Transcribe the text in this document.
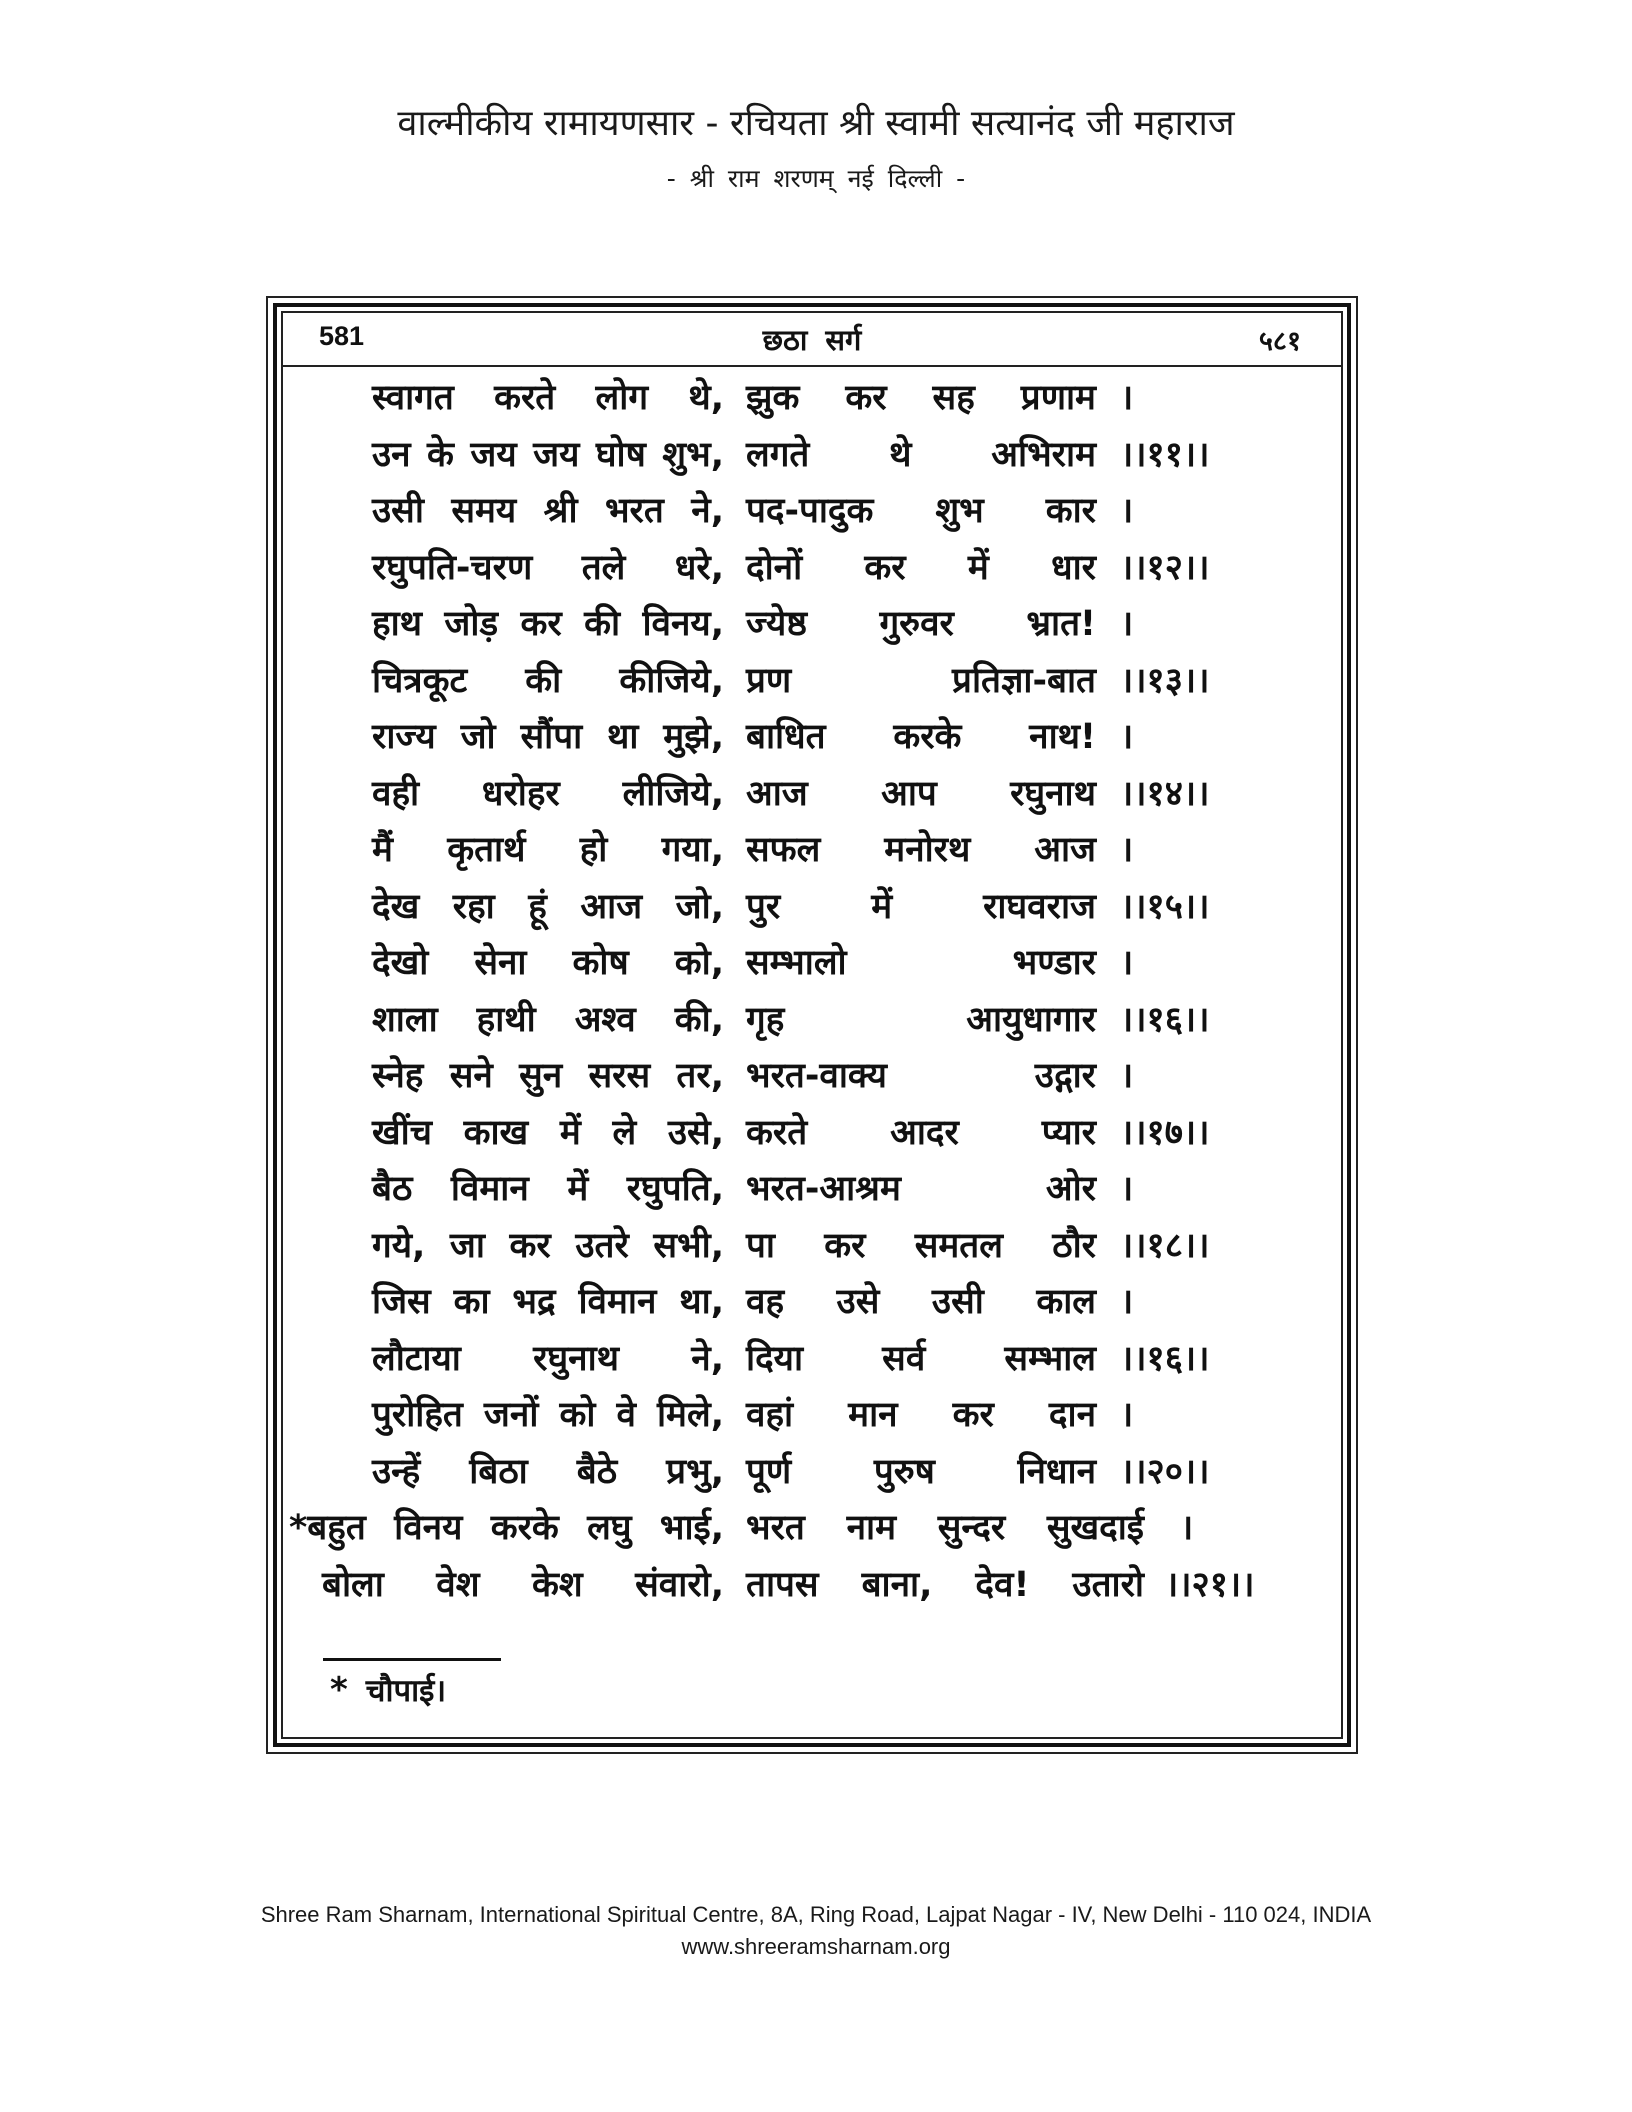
वाल्मीकीय रामायणसार - रचियता श्री स्वामी सत्यानंद जी महाराज
- श्री राम शरणम् नई दिल्ली -
581	छठा सर्ग	५८१
स्वागत करते लोग थे, झुक कर सह प्रणाम ।
उन के जय जय घोष शुभ, लगते थे अभिराम ।।११।।
उसी समय श्री भरत ने, पद-पादुक शुभ कार ।
रघुपति-चरण तले धरे, दोनों कर में धार ।।१२।।
हाथ जोड़ कर की विनय, ज्येष्ठ गुरुवर भ्रात! ।
चित्रकूट की कीजिये, प्रण प्रतिज्ञा-बात ।।१३।।
राज्य जो सौंपा था मुझे, बाधित करके नाथ! ।
वही धरोहर लीजिये, आज आप रघुनाथ ।।१४।।
मैं कृतार्थ हो गया, सफल मनोरथ आज ।
देख रहा हूं आज जो, पुर में राघवराज ।।१५।।
देखो सेना कोष को, सम्भालो भण्डार ।
शाला हाथी अश्व की, गृह आयुधागार ।।१६।।
स्नेह सने सुन सरस तर, भरत-वाक्य उद्गार ।
खींच काख में ले उसे, करते आदर प्यार ।।१७।।
बैठ विमान में रघुपति, भरत-आश्रम ओर ।
गये, जा कर उतरे सभी, पा कर समतल ठौर ।।१८।।
जिस का भद्र विमान था, वह उसे उसी काल ।
लौटाया रघुनाथ ने, दिया सर्व सम्भाल ।।१६।।
पुरोहित जनों को वे मिले, वहां मान कर दान ।
उन्हें बिठा बैठे प्रभु, पूर्ण पुरुष निधान ।।२०।।
*बहुत विनय करके लघु भाई, भरत नाम सुन्दर सुखदाई ।
बोला वेश केश संवारो, तापस बाना, देव! उतारो ।।२१।।
* चौपाई।
Shree Ram Sharnam, International Spiritual Centre, 8A, Ring Road, Lajpat Nagar - IV, New Delhi - 110 024, INDIA
www.shreeramsharnam.org
